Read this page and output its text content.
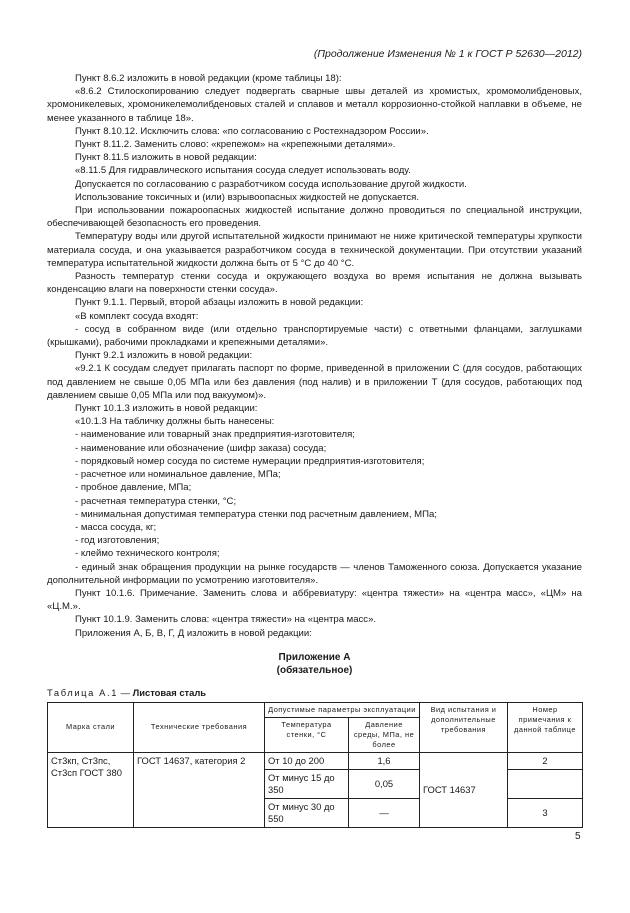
(Продолжение Изменения № 1 к ГОСТ Р 52630—2012)

Пункт 8.6.2 изложить в новой редакции (кроме таблицы 18):

«8.6.2 Стилоскопированию следует подвергать сварные швы деталей из хромистых, хромомолибденовых, хромоникелевых, хромоникелемолибденовых сталей и сплавов и металл коррозионно-стойкой наплавки в объеме, не менее указанного в таблице 18».

Пункт 8.10.12. Исключить слова: «по согласованию с Ростехнадзором России».

Пункт 8.11.2. Заменить слово: «крепежом» на «крепежными деталями».

Пункт 8.11.5 изложить в новой редакции:

«8.11.5 Для гидравлического испытания сосуда следует использовать воду.

Допускается по согласованию с разработчиком сосуда использование другой жидкости.

Использование токсичных и (или) взрывоопасных жидкостей не допускается.

При использовании пожароопасных жидкостей испытание должно проводиться по специальной инструкции, обеспечивающей безопасность его проведения.

Температуру воды или другой испытательной жидкости принимают не ниже критической температуры хрупкости материала сосуда, и она указывается разработчиком сосуда в технической документации. При отсутствии указаний температура испытательной жидкости должна быть от 5 °С до 40 °С.

Разность температур стенки сосуда и окружающего воздуха во время испытания не должна вызывать конденсацию влаги на поверхности стенки сосуда».

Пункт 9.1.1. Первый, второй абзацы изложить в новой редакции:

«В комплект сосуда входят:

- сосуд в собранном виде (или отдельно транспортируемые части) с ответными фланцами, заглушками (крышками), рабочими прокладками и крепежными деталями».

Пункт 9.2.1 изложить в новой редакции:

«9.2.1 К сосудам следует прилагать паспорт по форме, приведенной в приложении С (для сосудов, работающих под давлением не свыше 0,05 МПа или без давления (под налив) и в приложении Т (для сосудов, работающих под давлением свыше 0,05 МПа или под вакуумом)».

Пункт 10.1.3 изложить в новой редакции:

«10.1.3 На табличку должны быть нанесены:

- наименование или товарный знак предприятия-изготовителя;

- наименование или обозначение (шифр заказа) сосуда;

- порядковый номер сосуда по системе нумерации предприятия-изготовителя;

- расчетное или номинальное давление, МПа;

- пробное давление, МПа;

- расчетная температура стенки, °С;

- минимальная допустимая температура стенки под расчетным давлением, МПа;

- масса сосуда, кг;

- год изготовления;

- клеймо технического контроля;

- единый знак обращения продукции на рынке государств — членов Таможенного союза. Допускается указание дополнительной информации по усмотрению изготовителя».

Пункт 10.1.6. Примечание. Заменить слова и аббревиатуру: «центра тяжести» на «центра масс», «ЦМ» на «Ц.М.».

Пункт 10.1.9. Заменить слова: «центра тяжести» на «центра масс».

Приложения А, Б, В, Г, Д изложить в новой редакции:

Приложение А
(обязательное)
Таблица А.1 — Листовая сталь
Марка стали	Технические требования	Допустимые параметры эксплуатации		Вид испытания и дополнительные требования	Номер примечания к данной таблице
		Температура стенки, °С	Давление среды, МПа, не более		
Ст3кп, Ст3пс, Ст3сп ГОСТ 380	ГОСТ 14637, категория 2	От 10 до 200	1,6	ГОСТ 14637	2
		От минус 15 до 350	0,05		
		От минус 30 до 550	—		3
5
